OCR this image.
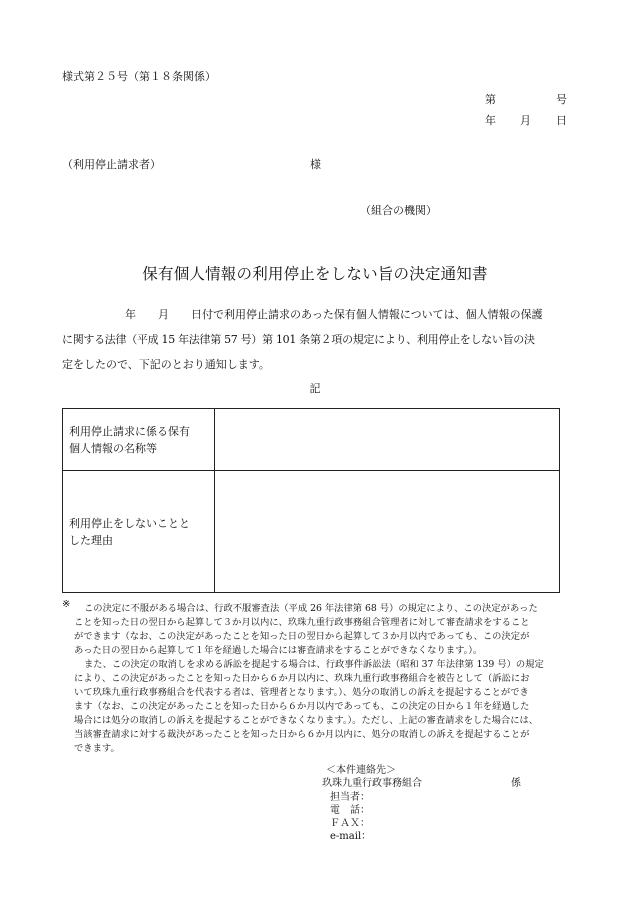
様式第２５号（第１８条関係）
第	号
年 月 日
（利用停止請求者）	様
（組合の機関）
保有個人情報の利用停止をしない旨の決定通知書
年 月 日付で利用停止請求のあった保有個人情報については、個人情報の保護
に関する法律（平成 15 年法律第 57 号）第 101 条第２項の規定により、利用停止をしない旨の決
定をしたので、下記のとおり通知します。
記
利用停止請求に係る保有
個人情報の名称等	

利用停止をしないことと
した理由	

※ この決定に不服がある場合は、行政不服審査法（平成 26 年法律第 68 号）の規定により、この決定があった
ことを知った日の翌日から起算して３か月以内に、玖珠九重行政事務組合管理者に対して審査請求をすること
ができます（なお、この決定があったことを知った日の翌日から起算して３か月以内であっても、この決定が
あった日の翌日から起算して１年を経過した場合には審査請求をすることができなくなります。）。
また、この決定の取消しを求める訴訟を提起する場合は、行政事件訴訟法（昭和 37 年法律第 139 号）の規定
により、この決定があったことを知った日から６か月以内に、玖珠九重行政事務組合を被告として（訴訟にお
いて玖珠九重行政事務組合を代表する者は、管理者となります。）、処分の取消しの訴えを提起することができ
ます（なお、この決定があったことを知った日から６か月以内であっても、この決定の日から１年を経過した
場合には処分の取消しの訴えを提起することができなくなります。）。ただし、上記の審査請求をした場合には、
当該審査請求に対する裁決があったことを知った日から６か月以内に、処分の取消しの訴えを提起することが
できます。
＜本件連絡先＞
玖珠九重行政事務組合	係
担当者：
電　話：
ＦＡＸ：
e-mail：
